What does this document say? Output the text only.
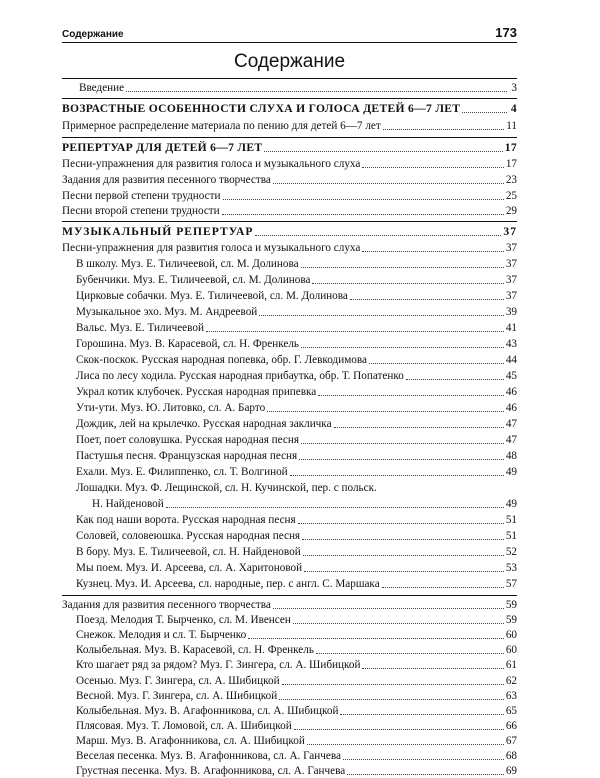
Содержание	173
Содержание
Введение	3
ВОЗРАСТНЫЕ ОСОБЕННОСТИ СЛУХА И ГОЛОСА ДЕТЕЙ 6—7 ЛЕТ	4
Примерное распределение материала по пению для детей 6—7 лет	11
РЕПЕРТУАР ДЛЯ ДЕТЕЙ 6—7 ЛЕТ	17
Песни-упражнения для развития голоса и музыкального слуха	17
Задания для развития песенного творчества	23
Песни первой степени трудности	25
Песни второй степени трудности	29
МУЗЫКАЛЬНЫЙ РЕПЕРТУАР	37
Песни-упражнения для развития голоса и музыкального слуха	37
В школу. Муз. Е. Тиличеевой, сл. М. Долинова	37
Бубенчики. Муз. Е. Тиличеевой, сл. М. Долинова	37
Цирковые собачки. Муз. Е. Тиличеевой, сл. М. Долинова	37
Музыкальное эхо. Муз. М. Андреевой	39
Вальс. Муз. Е. Тиличеевой	41
Горошина. Муз. В. Карасевой, сл. Н. Френкель	43
Скок-поскок. Русская народная попевка, обр. Г. Левкодимова	44
Лиса по лесу ходила. Русская народная прибаутка, обр. Т. Попатенко	45
Украл котик клубочек. Русская народная припевка	46
Ути-ути. Муз. Ю. Литовко, сл. А. Барто	46
Дождик, лей на крылечко. Русская народная закличка	47
Поет, поет соловушка. Русская народная песня	47
Пастушья песня. Французская народная песня	48
Ехали. Муз. Е. Филиппенко, сл. Т. Волгиной	49
Лошадки. Муз. Ф. Лещинской, сл. Н. Кучинской, пер. с польск.
Н. Найденовой	49
Как под наши ворота. Русская народная песня	51
Соловей, соловеюшка. Русская народная песня	51
В бору. Муз. Е. Тиличеевой, сл. Н. Найденовой	52
Мы поем. Муз. И. Арсеева, сл. А. Харитоновой	53
Кузнец. Муз. И. Арсеева, сл. народные, пер. с англ. С. Маршака	57
Задания для развития песенного творчества	59
Поезд. Мелодия Т. Бырченко, сл. М. Ивенсен	59
Снежок. Мелодия и сл. Т. Бырченко	60
Колыбельная. Муз. В. Карасевой, сл. Н. Френкель	60
Кто шагает ряд за рядом? Муз. Г. Зингера, сл. А. Шибицкой	61
Осенью. Муз. Г. Зингера, сл. А. Шибицкой	62
Весной. Муз. Г. Зингера, сл. А. Шибицкой	63
Колыбельная. Муз. В. Агафонникова, сл. А. Шибицкой	65
Плясовая. Муз. Т. Ломовой, сл. А. Шибицкой	66
Марш. Муз. В. Агафонникова, сл. А. Шибицкой	67
Веселая песенка. Муз. В. Агафонникова, сл. А. Ганчева	68
Грустная песенка. Муз. В. Агафонникова, сл. А. Ганчева	69
